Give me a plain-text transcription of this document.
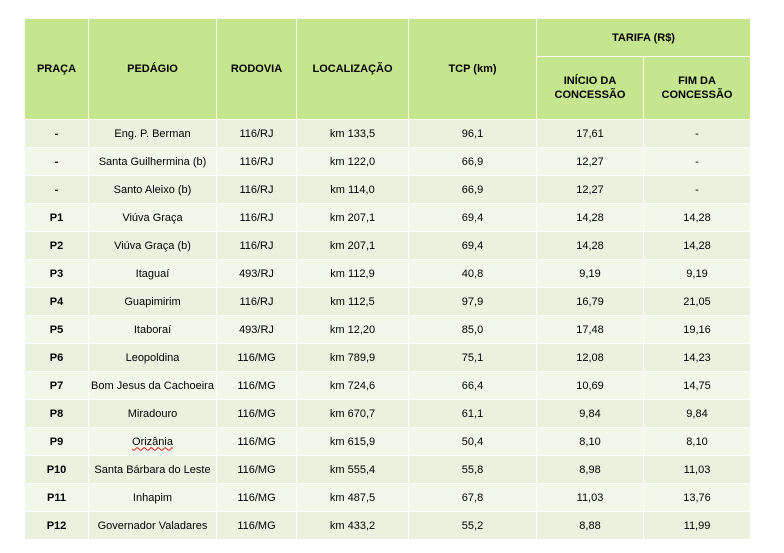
PRAÇA	PEDÁGIO	RODOVIA	LOCALIZAÇÃO	TCP (km)	TARIFA (R$)	
					INÍCIO DA CONCESSÃO	FIM DA CONCESSÃO
-	Eng. P. Berman	116/RJ	km 133,5	96,1	17,61	-
-	Santa Guilhermina (b)	116/RJ	km 122,0	66,9	12,27	-
-	Santo Aleixo (b)	116/RJ	km 114,0	66,9	12,27	-
P1	Viúva Graça	116/RJ	km 207,1	69,4	14,28	14,28
P2	Viúva Graça (b)	116/RJ	km 207,1	69,4	14,28	14,28
P3	Itaguaí	493/RJ	km 112,9	40,8	9,19	9,19
P4	Guapimirim	116/RJ	km 112,5	97,9	16,79	21,05
P5	Itaboraí	493/RJ	km 12,20	85,0	17,48	19,16
P6	Leopoldina	116/MG	km 789,9	75,1	12,08	14,23
P7	Bom Jesus da Cachoeira	116/MG	km 724,6	66,4	10,69	14,75
P8	Miradouro	116/MG	km 670,7	61,1	9,84	9,84
P9	Orizânia	116/MG	km 615,9	50,4	8,10	8,10
P10	Santa Bárbara do Leste	116/MG	km 555,4	55,8	8,98	11,03
P11	Inhapim	116/MG	km 487,5	67,8	11,03	13,76
P12	Governador Valadares	116/MG	km 433,2	55,2	8,88	11,99
